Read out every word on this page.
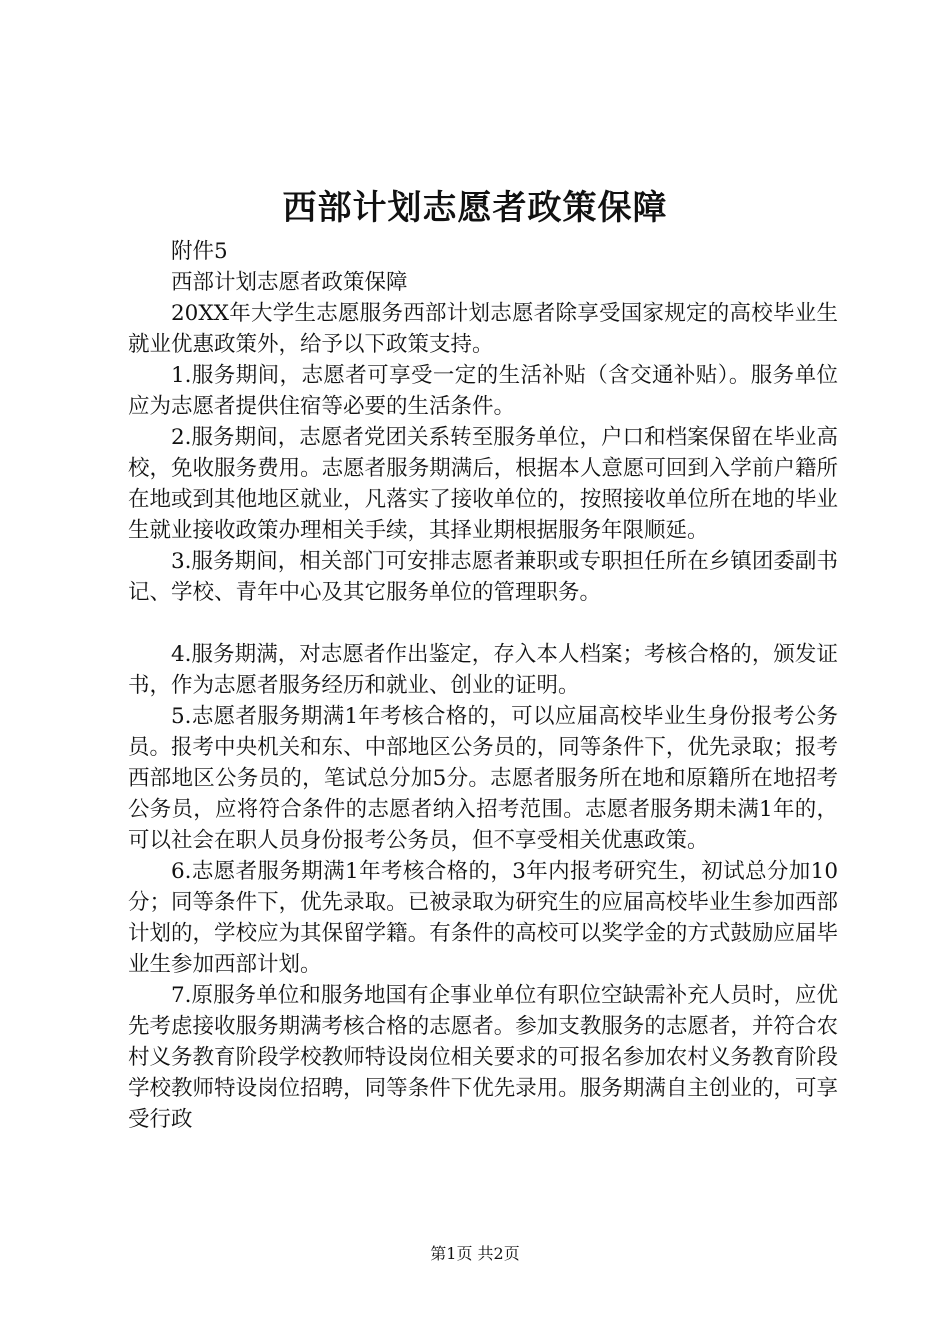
西部计划志愿者政策保障

附件5

西部计划志愿者政策保障

20XX年大学生志愿服务西部计划志愿者除享受国家规定的高校毕业生就业优惠政策外，给予以下政策支持。

1.服务期间，志愿者可享受一定的生活补贴（含交通补贴）。服务单位应为志愿者提供住宿等必要的生活条件。

2.服务期间，志愿者党团关系转至服务单位，户口和档案保留在毕业高校，免收服务费用。志愿者服务期满后，根据本人意愿可回到入学前户籍所在地或到其他地区就业，凡落实了接收单位的，按照接收单位所在地的毕业生就业接收政策办理相关手续，其择业期根据服务年限顺延。

3.服务期间，相关部门可安排志愿者兼职或专职担任所在乡镇团委副书记、学校、青年中心及其它服务单位的管理职务。

4.服务期满，对志愿者作出鉴定，存入本人档案；考核合格的，颁发证书，作为志愿者服务经历和就业、创业的证明。

5.志愿者服务期满1年考核合格的，可以应届高校毕业生身份报考公务员。报考中央机关和东、中部地区公务员的，同等条件下，优先录取；报考西部地区公务员的，笔试总分加5分。志愿者服务所在地和原籍所在地招考公务员，应将符合条件的志愿者纳入招考范围。志愿者服务期未满1年的，可以社会在职人员身份报考公务员，但不享受相关优惠政策。

6.志愿者服务期满1年考核合格的，3年内报考研究生，初试总分加10分；同等条件下，优先录取。已被录取为研究生的应届高校毕业生参加西部计划的，学校应为其保留学籍。有条件的高校可以奖学金的方式鼓励应届毕业生参加西部计划。

7.原服务单位和服务地国有企事业单位有职位空缺需补充人员时，应优先考虑接收服务期满考核合格的志愿者。参加支教服务的志愿者，并符合农村义务教育阶段学校教师特设岗位相关要求的可报名参加农村义务教育阶段学校教师特设岗位招聘，同等条件下优先录用。服务期满自主创业的，可享受行政

第1页 共2页
